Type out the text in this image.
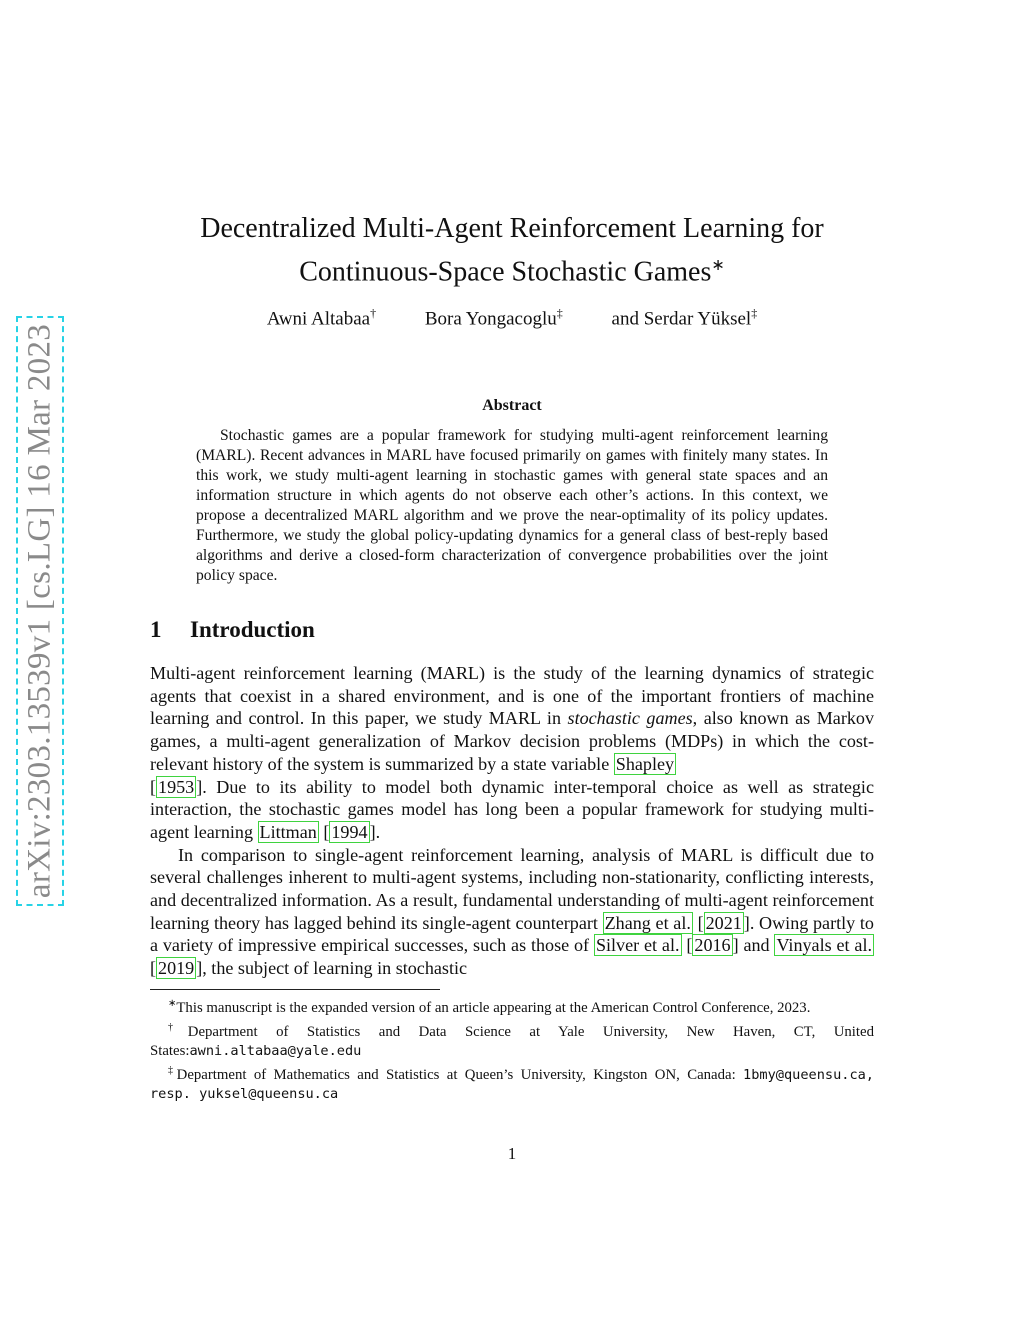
arXiv:2303.13539v1 [cs.LG] 16 Mar 2023
Decentralized Multi-Agent Reinforcement Learning for
Continuous-Space Stochastic Games∗
Awni Altabaa†	Bora Yongacoglu‡	and Serdar Yüksel‡
Abstract

Stochastic games are a popular framework for studying multi-agent reinforcement learning (MARL). Recent advances in MARL have focused primarily on games with finitely many states. In this work, we study multi-agent learning in stochastic games with general state spaces and an information structure in which agents do not observe each other’s actions. In this context, we propose a decentralized MARL algorithm and we prove the near-optimality of its policy updates. Furthermore, we study the global policy-updating dynamics for a general class of best-reply based algorithms and derive a closed-form characterization of convergence probabilities over the joint policy space.

1 Introduction

Multi-agent reinforcement learning (MARL) is the study of the learning dynamics of strategic agents that coexist in a shared environment, and is one of the important frontiers of machine learning and control. In this paper, we study MARL in stochastic games, also known as Markov games, a multi-agent generalization of Markov decision problems (MDPs) in which the cost-relevant history of the system is summarized by a state variable Shapley
[ 1953 ]. Due to its ability to model both dynamic inter-temporal choice as well as strategic interaction, the stochastic games model has long been a popular framework for studying multi-agent learning Littman [ 1994 ].

In comparison to single-agent reinforcement learning, analysis of MARL is difficult due to several challenges inherent to multi-agent systems, including non-stationarity, conflicting interests, and decentralized information. As a result, fundamental understanding of multi-agent reinforcement learning theory has lagged behind its single-agent counterpart Zhang et al. [ 2021 ]. Owing partly to a variety of impressive empirical successes, such as those of Silver et al. [ 2016 ] and Vinyals et al. [ 2019 ], the subject of learning in stochastic

∗This manuscript is the expanded version of an article appearing at the American Control Conference, 2023.

†Department of Statistics and Data Science at Yale University, New Haven, CT, United States:awni.altabaa@yale.edu

‡Department of Mathematics and Statistics at Queen’s University, Kingston ON, Canada: 1bmy@queensu.ca, resp. yuksel@queensu.ca

1
